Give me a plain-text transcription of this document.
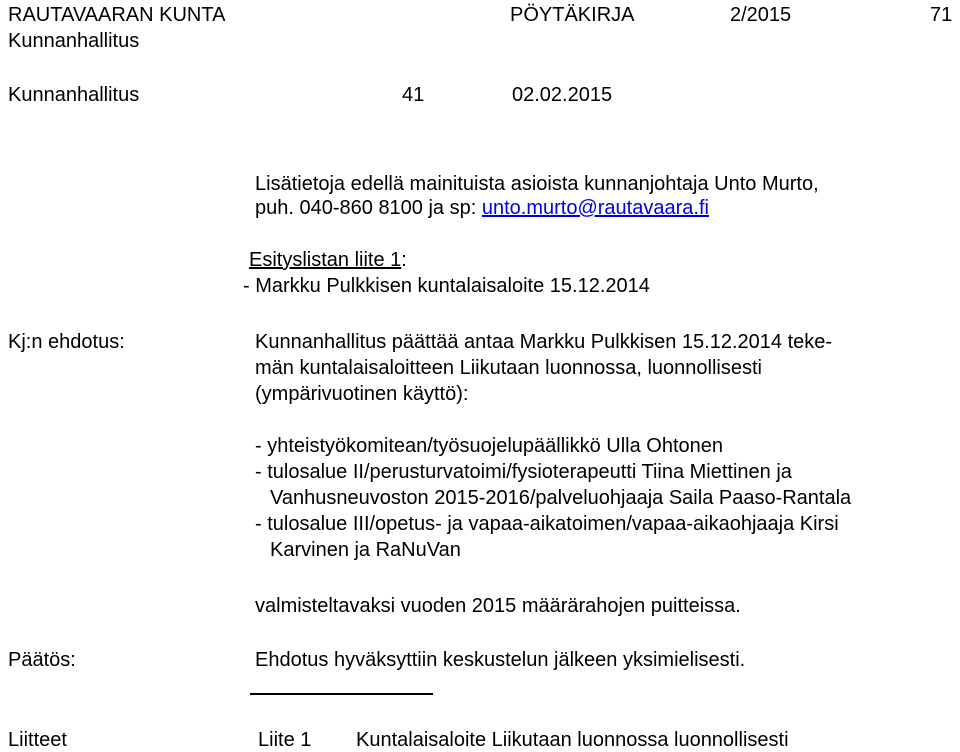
RAUTAVAARAN KUNTA	PÖYTÄKIRJA	2/2015	71
Kunnanhallitus
Kunnanhallitus	41	02.02.2015
Lisätietoja edellä mainituista asioista kunnanjohtaja Unto Murto,
puh. 040-860 8100 ja sp: unto.murto@rautavaara.fi
Esityslistan liite 1:
- Markku Pulkkisen kuntalaisaloite 15.12.2014
Kj:n ehdotus:	Kunnanhallitus päättää antaa Markku Pulkkisen 15.12.2014 teke-
män kuntalaisaloitteen Liikutaan luonnossa, luonnollisesti
(ympärivuotinen käyttö):
- yhteistyökomitean/työsuojelupäällikkö Ulla Ohtonen
- tulosalue II/perusturvatoimi/fysioterapeutti Tiina Miettinen ja
Vanhusneuvoston 2015-2016/palveluohjaaja Saila Paaso-Rantala
- tulosalue III/opetus- ja vapaa-aikatoimen/vapaa-aikaohjaaja Kirsi
Karvinen ja RaNuVan
valmisteltavaksi vuoden 2015 määrärahojen puitteissa.
Päätös:	Ehdotus hyväksyttiin keskustelun jälkeen yksimielisesti.
Liitteet	Liite 1 Kuntalaisaloite Liikutaan luonnossa luonnollisesti
